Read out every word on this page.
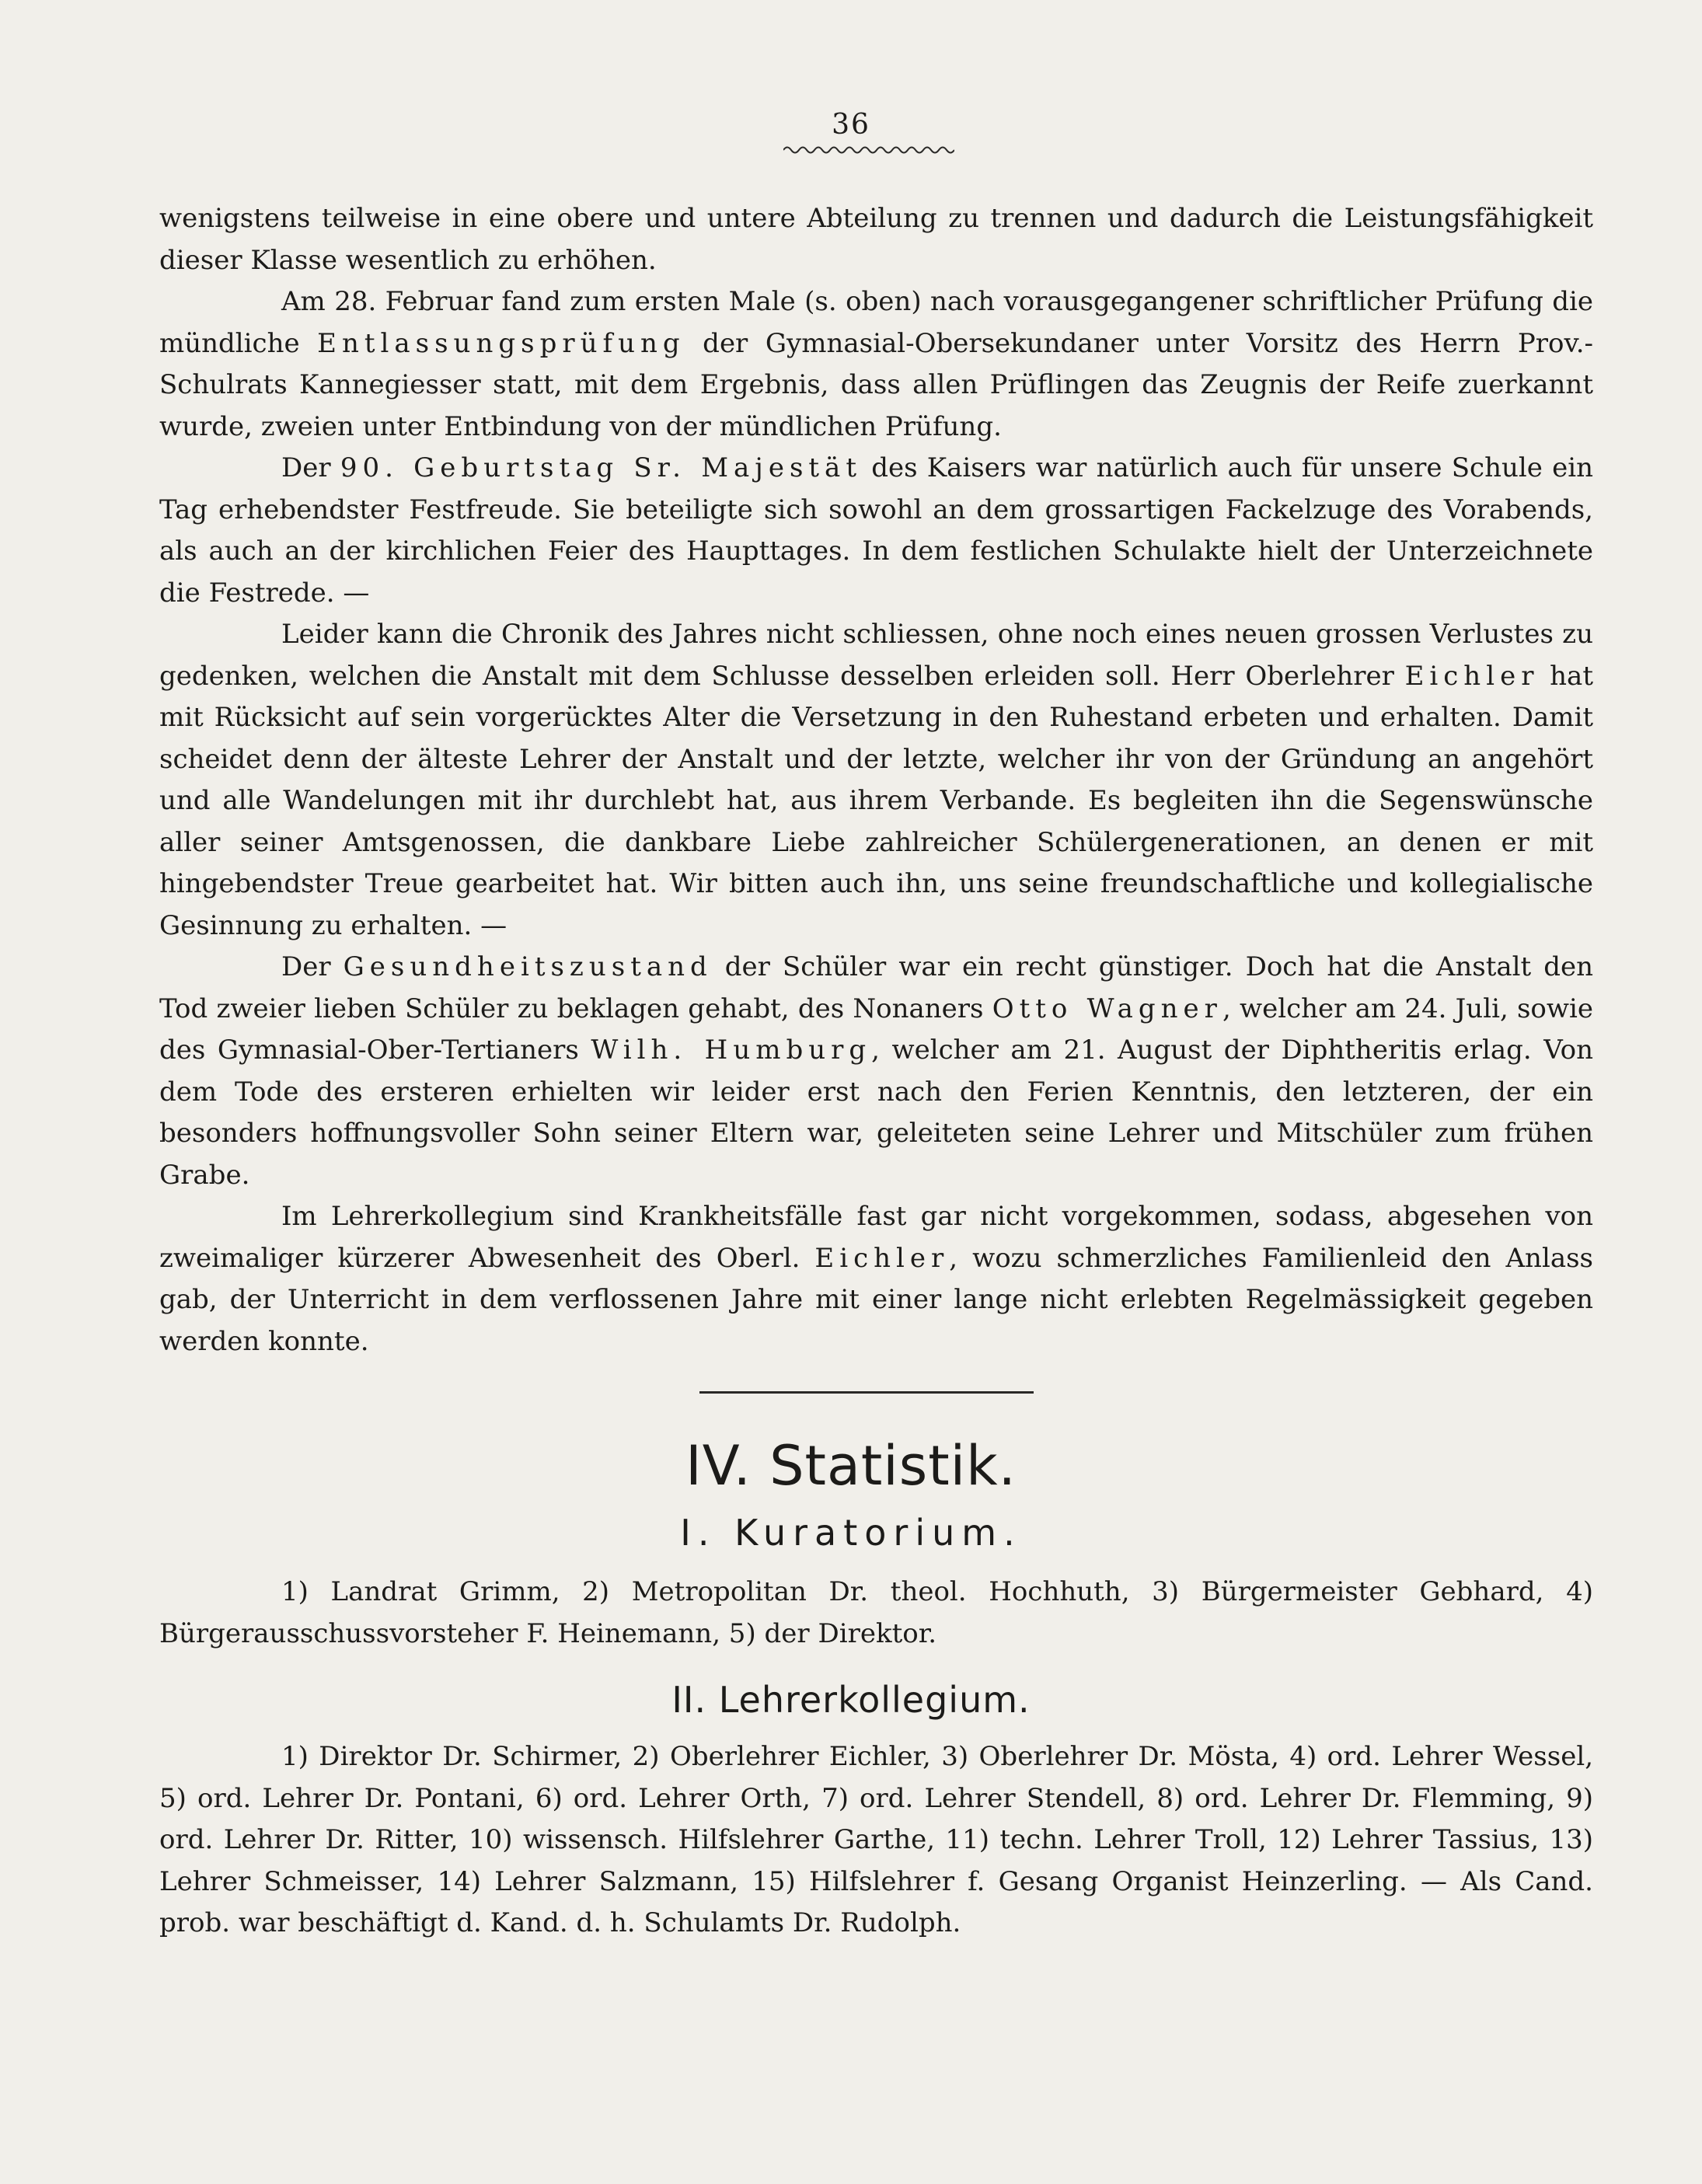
36

wenigstens teilweise in eine obere und untere Abteilung zu trennen und dadurch die Leistungsfähigkeit dieser Klasse wesentlich zu erhöhen.

Am 28. Februar fand zum ersten Male (s. oben) nach vorausgegangener schriftlicher Prüfung die mündliche Entlassungsprüfung der Gymnasial-Obersekundaner unter Vorsitz des Herrn Prov.-Schulrats Kannegiesser statt, mit dem Ergebnis, dass allen Prüflingen das Zeugnis der Reife zuerkannt wurde, zweien unter Entbindung von der mündlichen Prüfung.

Der 90. Geburtstag Sr. Majestät des Kaisers war natürlich auch für unsere Schule ein Tag erhebendster Festfreude. Sie beteiligte sich sowohl an dem grossartigen Fackelzuge des Vorabends, als auch an der kirchlichen Feier des Haupttages. In dem festlichen Schulakte hielt der Unterzeichnete die Festrede. —

Leider kann die Chronik des Jahres nicht schliessen, ohne noch eines neuen grossen Verlustes zu gedenken, welchen die Anstalt mit dem Schlusse desselben erleiden soll. Herr Oberlehrer Eichler hat mit Rücksicht auf sein vorgerücktes Alter die Versetzung in den Ruhestand erbeten und erhalten. Damit scheidet denn der älteste Lehrer der Anstalt und der letzte, welcher ihr von der Gründung an angehört und alle Wandelungen mit ihr durchlebt hat, aus ihrem Verbande. Es begleiten ihn die Segenswünsche aller seiner Amtsgenossen, die dankbare Liebe zahlreicher Schülergenerationen, an denen er mit hingebendster Treue gearbeitet hat. Wir bitten auch ihn, uns seine freundschaftliche und kollegialische Gesinnung zu erhalten. —

Der Gesundheitszustand der Schüler war ein recht günstiger. Doch hat die Anstalt den Tod zweier lieben Schüler zu beklagen gehabt, des Nonaners Otto Wagner, welcher am 24. Juli, sowie des Gymnasial-Ober-Tertianers Wilh. Humburg, welcher am 21. August der Diphtheritis erlag. Von dem Tode des ersteren erhielten wir leider erst nach den Ferien Kenntnis, den letzteren, der ein besonders hoffnungsvoller Sohn seiner Eltern war, geleiteten seine Lehrer und Mitschüler zum frühen Grabe.

Im Lehrerkollegium sind Krankheitsfälle fast gar nicht vorgekommen, sodass, abgesehen von zweimaliger kürzerer Abwesenheit des Oberl. Eichler, wozu schmerzliches Familienleid den Anlass gab, der Unterricht in dem verflossenen Jahre mit einer lange nicht erlebten Regelmässigkeit gegeben werden konnte.

IV. Statistik.
I. Kuratorium.

1) Landrat Grimm, 2) Metropolitan Dr. theol. Hochhuth, 3) Bürgermeister Gebhard, 4) Bürgerausschussvorsteher F. Heinemann, 5) der Direktor.

II. Lehrerkollegium.

1) Direktor Dr. Schirmer, 2) Oberlehrer Eichler, 3) Oberlehrer Dr. Mösta, 4) ord. Lehrer Wessel, 5) ord. Lehrer Dr. Pontani, 6) ord. Lehrer Orth, 7) ord. Lehrer Stendell, 8) ord. Lehrer Dr. Flemming, 9) ord. Lehrer Dr. Ritter, 10) wissensch. Hilfslehrer Garthe, 11) techn. Lehrer Troll, 12) Lehrer Tassius, 13) Lehrer Schmeisser, 14) Lehrer Salzmann, 15) Hilfslehrer f. Gesang Organist Heinzerling. — Als Cand. prob. war beschäftigt d. Kand. d. h. Schulamts Dr. Rudolph.
